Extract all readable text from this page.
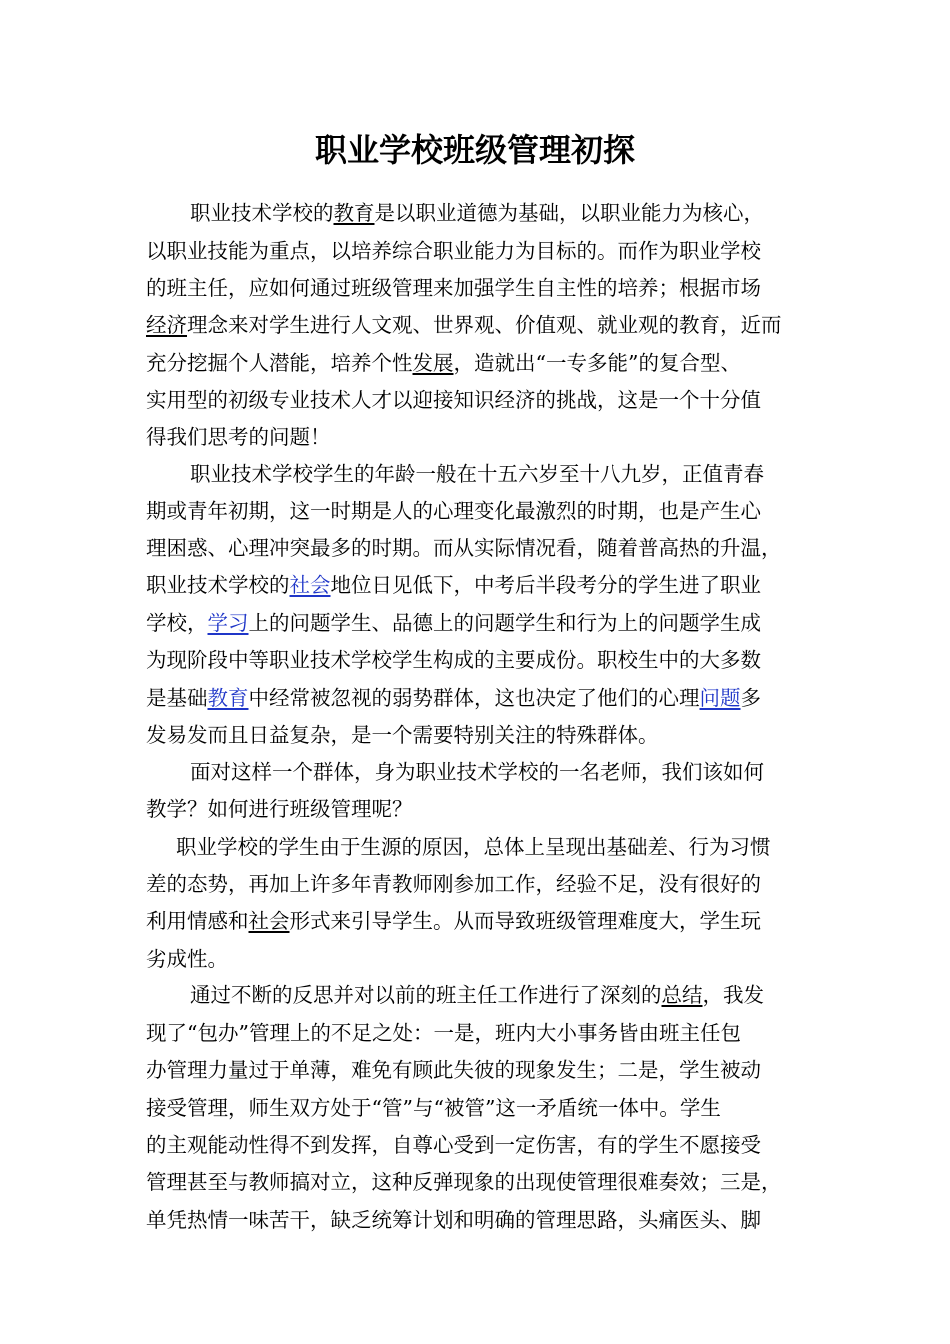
职业学校班级管理初探
职业技术学校的教育是以职业道德为基础，以职业能力为核心，
以职业技能为重点，以培养综合职业能力为目标的。而作为职业学校
的班主任，应如何通过班级管理来加强学生自主性的培养；根据市场
经济理念来对学生进行人文观、世界观、价值观、就业观的教育，近而
充分挖掘个人潜能，培养个性发展，造就出“一专多能”的复合型、
实用型的初级专业技术人才以迎接知识经济的挑战，这是一个十分值
得我们思考的问题！
职业技术学校学生的年龄一般在十五六岁至十八九岁，正值青春
期或青年初期，这一时期是人的心理变化最激烈的时期，也是产生心
理困惑、心理冲突最多的时期。而从实际情况看，随着普高热的升温，
职业技术学校的社会地位日见低下，中考后半段考分的学生进了职业
学校，学习上的问题学生、品德上的问题学生和行为上的问题学生成
为现阶段中等职业技术学校学生构成的主要成份。职校生中的大多数
是基础教育中经常被忽视的弱势群体，这也决定了他们的心理问题多
发易发而且日益复杂，是一个需要特别关注的特殊群体。
面对这样一个群体，身为职业技术学校的一名老师，我们该如何
教学？如何进行班级管理呢？
职业学校的学生由于生源的原因，总体上呈现出基础差、行为习惯
差的态势，再加上许多年青教师刚参加工作，经验不足，没有很好的
利用情感和社会形式来引导学生。从而导致班级管理难度大，学生玩
劣成性。
通过不断的反思并对以前的班主任工作进行了深刻的总结，我发
现了“包办”管理上的不足之处：一是，班内大小事务皆由班主任包
办管理力量过于单薄，难免有顾此失彼的现象发生；二是，学生被动
接受管理，师生双方处于“管”与“被管”这一矛盾统一体中。学生
的主观能动性得不到发挥，自尊心受到一定伤害，有的学生不愿接受
管理甚至与教师搞对立，这种反弹现象的出现使管理很难奏效；三是，
单凭热情一味苦干，缺乏统筹计划和明确的管理思路，头痛医头、脚
